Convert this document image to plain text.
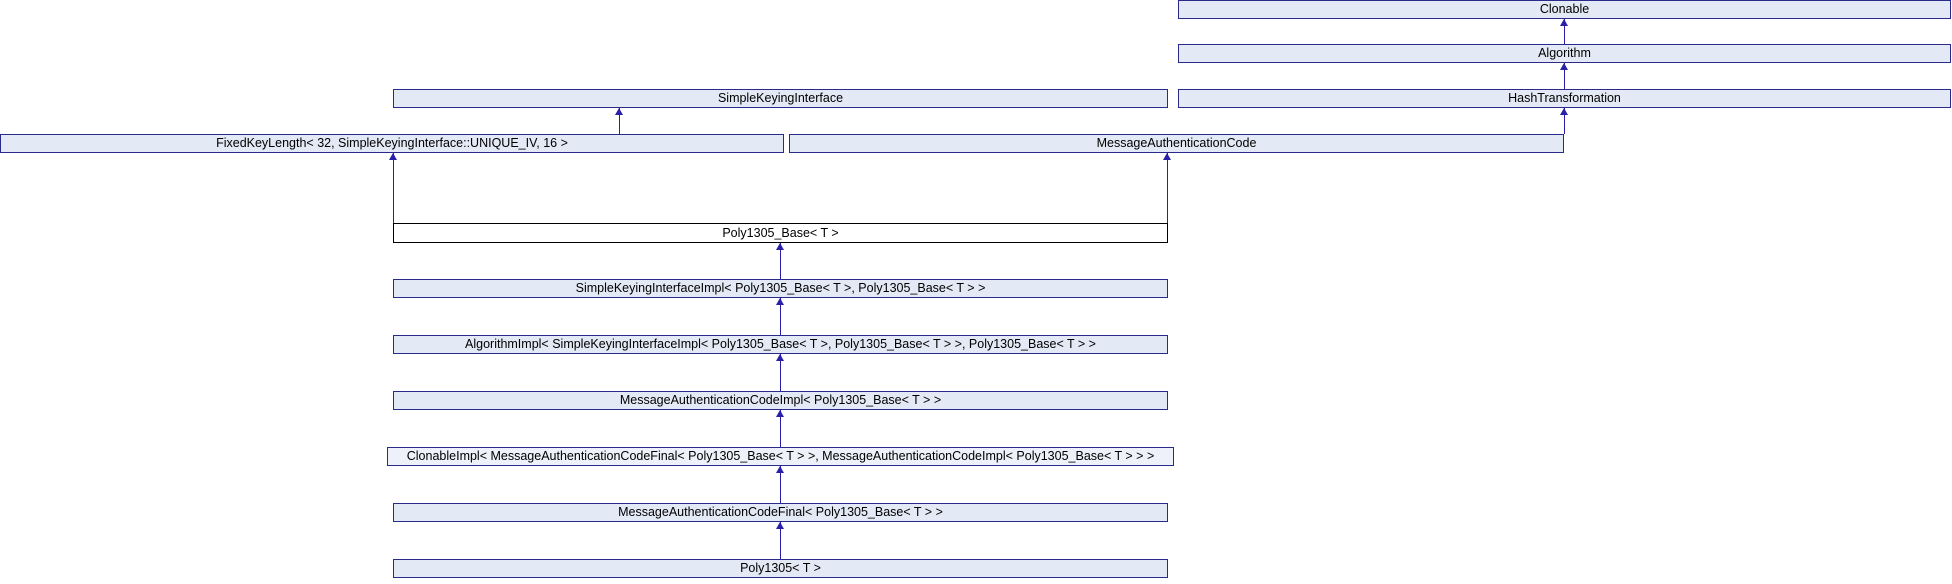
Clonable
Algorithm
SimpleKeyingInterface	HashTransformation
FixedKeyLength< 32, SimpleKeyingInterface::UNIQUE_IV, 16 >	MessageAuthenticationCode
Poly1305_Base< T >
SimpleKeyingInterfaceImpl< Poly1305_Base< T >, Poly1305_Base< T > >
AlgorithmImpl< SimpleKeyingInterfaceImpl< Poly1305_Base< T >, Poly1305_Base< T > >, Poly1305_Base< T > >
MessageAuthenticationCodeImpl< Poly1305_Base< T > >
ClonableImpl< MessageAuthenticationCodeFinal< Poly1305_Base< T > >, MessageAuthenticationCodeImpl< Poly1305_Base< T > > >
MessageAuthenticationCodeFinal< Poly1305_Base< T > >
Poly1305< T >
